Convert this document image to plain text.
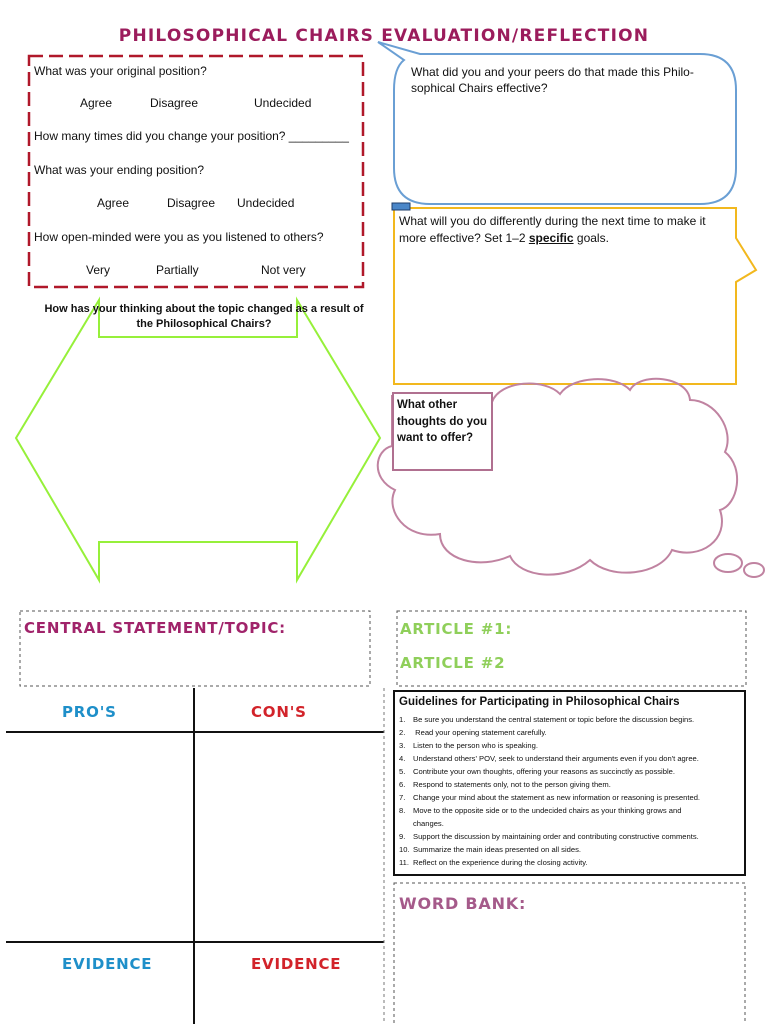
PHILOSOPHICAL CHAIRS EVALUATION/REFLECTION
What was your original position?
Agree	Disagree	Undecided
How many times did you change your position? _________
What was your ending position?
Agree	Disagree Undecided
How open-minded were you as you listened to others?
Very	Partially	Not very
What did you and your peers do that made this Philo-sophical Chairs effective?
What will you do differently during the next time to make it more effective? Set 1–2 specific goals.
How has your thinking about the topic changed as a result of the Philosophical Chairs?
What other thoughts do you want to offer?
CENTRAL STATEMENT/TOPIC:	ARTICLE #1:
ARTICLE #2
PRO'S	CON'S
EVIDENCE	EVIDENCE
Guidelines for Participating in Philosophical Chairs
1. Be sure you understand the central statement or topic before the discussion begins.
2. Read your opening statement carefully.
3. Listen to the person who is speaking.
4. Understand others' POV, seek to understand their arguments even if you don't agree.
5. Contribute your own thoughts, offering your reasons as succinctly as possible.
6. Respond to statements only, not to the person giving them.
7. Change your mind about the statement as new information or reasoning is presented.
8. Move to the opposite side or to the undecided chairs as your thinking grows and
changes.
9. Support the discussion by maintaining order and contributing constructive comments.
10. Summarize the main ideas presented on all sides.
11. Reflect on the experience during the closing activity.
WORD BANK:
